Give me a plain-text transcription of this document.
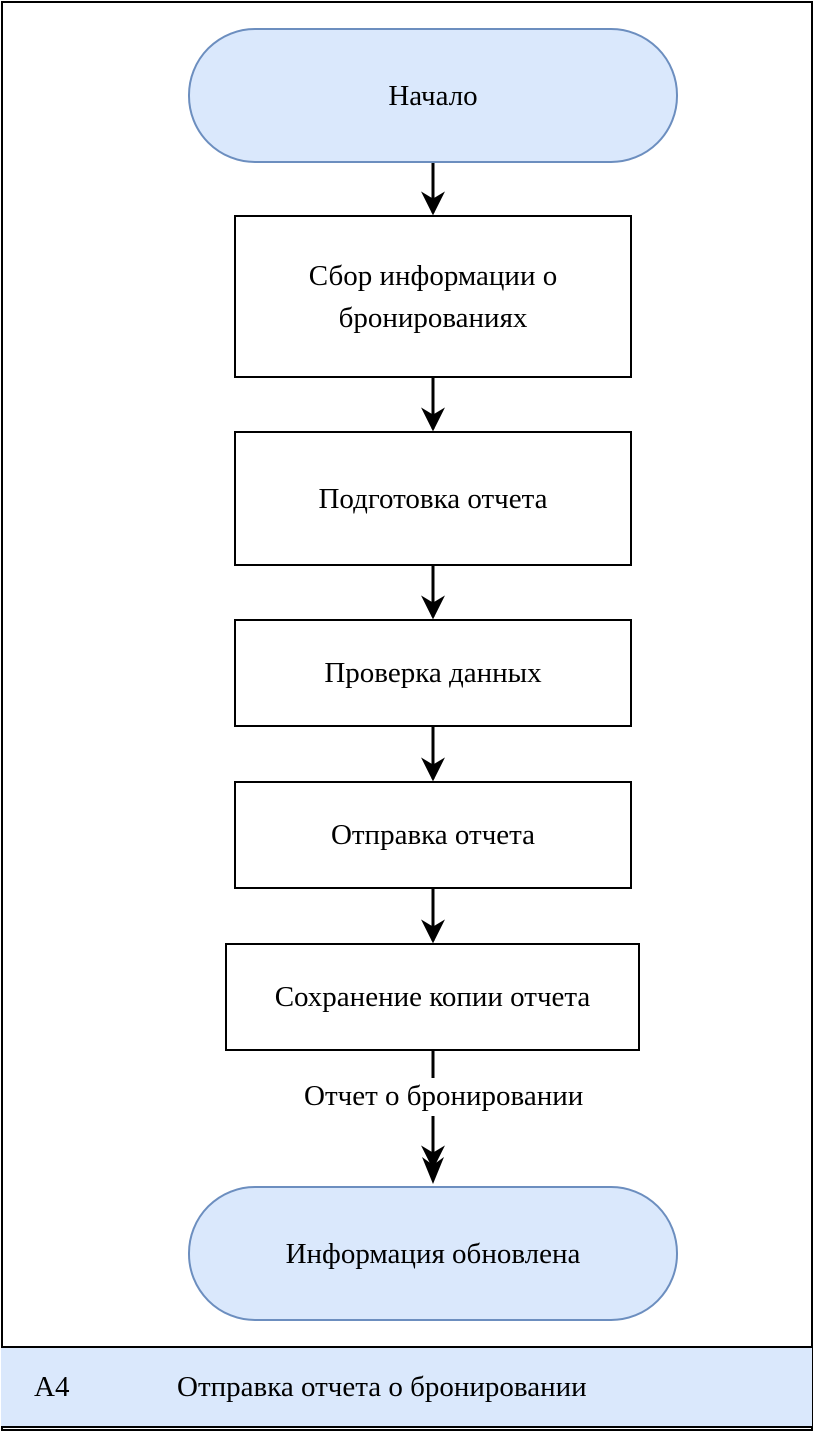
Начало
Сбор информации о бронированиях
Подготовка отчета
Проверка данных
Отправка отчета
Сохранение копии отчета
Отчет о бронировании
Информация обновлена
A4	Отправка отчета о бронировании
